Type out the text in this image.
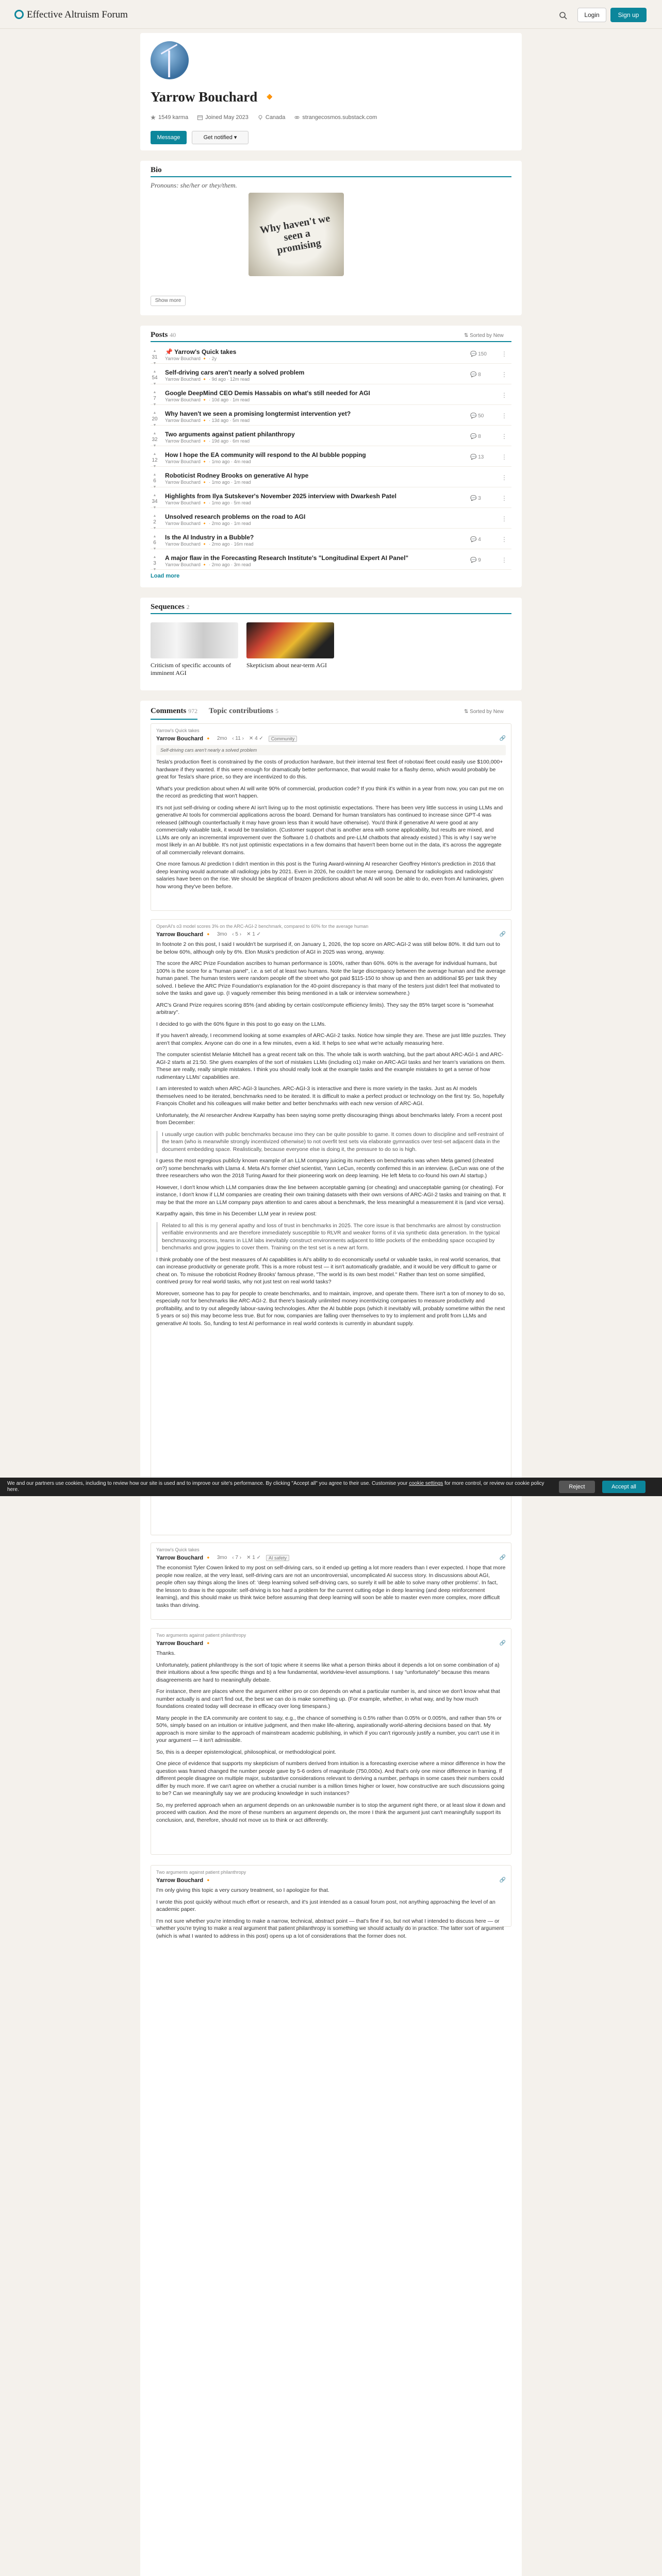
Effective Altruism Forum	Login	Sign up
Yarrow Bouchard 🔸
1549 karma	Joined May 2023	Canada	strangecosmos.substack.com
Message	Get notified ▾
Bio
Pronouns: she/her or they/them.
Why haven't we seen a promising
Show more
Posts 40	⇅ Sorted by New
▲
31
▼
📌 Yarrow's Quick takes
Yarrow Bouchard 🔸 · 2y
💬 150 ⋮
▲
54
▼
Self-driving cars aren't nearly a solved problem
Yarrow Bouchard 🔸 · 9d ago · 12m read
💬 8	⋮
▲
7
▼
Google DeepMind CEO Demis Hassabis on what's still needed for AGI
Yarrow Bouchard 🔸 · 10d ago · 1m read
⋮
▲
20
▼
Why haven't we seen a promising longtermist intervention yet?
Yarrow Bouchard 🔸 · 13d ago · 5m read
💬 50	⋮
▲
32
▼
Two arguments against patient philanthropy
Yarrow Bouchard 🔸 · 19d ago · 6m read
💬 8	⋮
▲
12
▼
How I hope the EA community will respond to the AI bubble popping
Yarrow Bouchard 🔸 · 1mo ago · 4m read
💬 13	⋮
▲
6
▼
Roboticist Rodney Brooks on generative AI hype
Yarrow Bouchard 🔸 · 1mo ago · 1m read
⋮
▲
34
▼
Highlights from Ilya Sutskever's November 2025 interview with Dwarkesh Patel
Yarrow Bouchard 🔸 · 1mo ago · 5m read
💬 3	⋮
▲
2
▼
Unsolved research problems on the road to AGI
Yarrow Bouchard 🔸 · 2mo ago · 1m read
⋮
▲
6
▼
Is the AI Industry in a Bubble?
Yarrow Bouchard 🔸 · 2mo ago · 16m read
💬 4	⋮
▲
3
▼
A major flaw in the Forecasting Research Institute's "Longitudinal Expert AI Panel"
Yarrow Bouchard 🔸 · 2mo ago · 3m read
💬 9	⋮
Load more
Sequences 2
Criticism of specific accounts of imminent AGI
Skepticism about near-term AGI
Comments 972 Topic contributions 5	⇅ Sorted by New
Yarrow's Quick takes
Yarrow Bouchard 🔸 2mo ‹ 11 › ✕ 4 ✓	Community	🔗
Self-driving cars aren't nearly a solved problem

Tesla's production fleet is constrained by the costs of production hardware, but their internal test fleet of robotaxi fleet could easily use $100,000+ hardware if they wanted. If this were enough for dramatically better performance, that would make for a flashy demo, which would probably be great for Tesla's share price, so they are incentivized to do this.

What's your prediction about when AI will write 90% of commercial, production code? If you think it's within in a year from now, you can put me on the record as predicting that won't happen.

It's not just self-driving or coding where AI isn't living up to the most optimistic expectations. There has been very little success in using LLMs and generative AI tools for commercial applications across the board. Demand for human translators has continued to increase since GPT-4 was released (although counterfactually it may have grown less than it would have otherwise). You'd think if generative AI were good at any commercially valuable task, it would be translation. (Customer support chat is another area with some applicability, but results are mixed, and LLMs are only an incremental improvement over the Software 1.0 chatbots and pre-LLM chatbots that already existed.) This is why I say we're most likely in an AI bubble. It's not just optimistic expectations in a few domains that haven't been borne out in the data, it's across the aggregate of all commercially relevant domains.

One more famous AI prediction I didn't mention in this post is the Turing Award-winning AI researcher Geoffrey Hinton's prediction in 2016 that deep learning would automate all radiology jobs by 2021. Even in 2026, he couldn't be more wrong. Demand for radiologists and radiologists' salaries have been on the rise. We should be skeptical of brazen predictions about what AI will soon be able to do, even from AI luminaries, given how wrong they've been before.

OpenAI's o3 model scores 3% on the ARC-AGI-2 benchmark, compared to 60% for the average human
Yarrow Bouchard 🔸 3mo ‹ 5 › ✕ 1 ✓	🔗

In footnote 2 on this post, I said I wouldn't be surprised if, on January 1, 2026, the top score on ARC-AGI-2 was still below 80%. It did turn out to be below 60%, although only by 6%. Elon Musk's prediction of AGI in 2025 was wrong, anyway.

The score the ARC Prize Foundation ascribes to human performance is 100%, rather than 60%. 60% is the average for individual humans, but 100% is the score for a "human panel", i.e. a set of at least two humans. Note the large discrepancy between the average human and the average human panel. The human testers were random people off the street who got paid $115-150 to show up and then an additional $5 per task they solved. I believe the ARC Prize Foundation's explanation for the 40-point discrepancy is that many of the testers just didn't feel that motivated to solve the tasks and gave up. (I vaguely remember this being mentioned in a talk or interview somewhere.)

ARC's Grand Prize requires scoring 85% (and abiding by certain cost/compute efficiency limits). They say the 85% target score is "somewhat arbitrary".

I decided to go with the 60% figure in this post to go easy on the LLMs.

If you haven't already, I recommend looking at some examples of ARC-AGI-2 tasks. Notice how simple they are. These are just little puzzles. They aren't that complex. Anyone can do one in a few minutes, even a kid. It helps to see what we're actually measuring here.

The computer scientist Melanie Mitchell has a great recent talk on this. The whole talk is worth watching, but the part about ARC-AGI-1 and ARC-AGI-2 starts at 21:50. She gives examples of the sort of mistakes LLMs (including o1) make on ARC-AGI tasks and her team's variations on them. These are really, really simple mistakes. I think you should really look at the example tasks and the example mistakes to get a sense of how rudimentary LLMs' capabilities are.

I am interested to watch when ARC-AGI-3 launches. ARC-AGI-3 is interactive and there is more variety in the tasks. Just as AI models themselves need to be iterated, benchmarks need to be iterated. It is difficult to make a perfect product or technology on the first try. So, hopefully François Chollet and his colleagues will make better and better benchmarks with each new version of ARC-AGI.

Unfortunately, the AI researcher Andrew Karpathy has been saying some pretty discouraging things about benchmarks lately. From a recent post from December:

I usually urge caution with public benchmarks because imo they can be quite possible to game. It comes down to discipline and self-restraint of the team (who is meanwhile strongly incentivized otherwise) to not overfit test sets via elaborate gymnastics over test-set adjacent data in the document embedding space. Realistically, because everyone else is doing it, the pressure to do so is high.

I guess the most egregious publicly known example of an LLM company juicing its numbers on benchmarks was when Meta gamed (cheated on?) some benchmarks with Llama 4. Meta AI's former chief scientist, Yann LeCun, recently confirmed this in an interview. (LeCun was one of the three researchers who won the 2018 Turing Award for their pioneering work on deep learning. He left Meta to co-found his own AI startup.)

However, I don't know which LLM companies draw the line between acceptable gaming (or cheating) and unacceptable gaming (or cheating). For instance, I don't know if LLM companies are creating their own training datasets with their own versions of ARC-AGI-2 tasks and training on that. It may be that the more an LLM company pays attention to and cares about a benchmark, the less meaningful a measurement it is (and vice versa).

Karpathy again, this time in his December LLM year in review post:

Related to all this is my general apathy and loss of trust in benchmarks in 2025. The core issue is that benchmarks are almost by construction verifiable environments and are therefore immediately susceptible to RLVR and weaker forms of it via synthetic data generation. In the typical benchmaxxing process, teams in LLM labs inevitably construct environments adjacent to little pockets of the embedding space occupied by benchmarks and grow jaggies to cover them. Training on the test set is a new art form.

I think probably one of the best measures of AI capabilities is AI's ability to do economically useful or valuable tasks, in real world scenarios, that can increase productivity or generate profit. This is a more robust test — it isn't automatically gradable, and it would be very difficult to game or cheat on. To misuse the roboticist Rodney Brooks' famous phrase, "The world is its own best model." Rather than test on some simplified, contrived proxy for real world tasks, why not just test on real world tasks?

Moreover, someone has to pay for people to create benchmarks, and to maintain, improve, and operate them. There isn't a ton of money to do so, especially not for benchmarks like ARC-AGI-2. But there's basically unlimited money incentivizing companies to measure productivity and profitability, and to try out allegedly labour-saving technologies. After the AI bubble pops (which it inevitably will, probably sometime within the next 5 years or so) this may become less true. But for now, companies are falling over themselves to try to implement and profit from LLMs and generative AI tools. So, funding to test AI performance in real world contexts is currently in abundant supply.

Yarrow's Quick takes
Yarrow Bouchard 🔸 3mo ‹ 7 › ✕ 1 ✓	AI safety	🔗

The economist Tyler Cowen linked to my post on self-driving cars, so it ended up getting a lot more readers than I ever expected. I hope that more people now realize, at the very least, self-driving cars are not an uncontroversial, uncomplicated AI success story. In discussions about AGI, people often say things along the lines of: 'deep learning solved self-driving cars, so surely it will be able to solve many other problems'. In fact, the lesson to draw is the opposite: self-driving is too hard a problem for the current cutting edge in deep learning (and deep reinforcement learning), and this should make us think twice before assuming that deep learning will soon be able to master even more complex, more difficult tasks than driving.

Two arguments against patient philanthropy
Yarrow Bouchard 🔸	🔗

Thanks.

Unfortunately, patient philanthropy is the sort of topic where it seems like what a person thinks about it depends a lot on some combination of a) their intuitions about a few specific things and b) a few fundamental, worldview-level assumptions. I say "unfortunately" because this means disagreements are hard to meaningfully debate.

For instance, there are places where the argument either pro or con depends on what a particular number is, and since we don't know what that number actually is and can't find out, the best we can do is make something up. (For example, whether, in what way, and by how much foundations created today will decrease in efficacy over long timespans.)

Many people in the EA community are content to say, e.g., the chance of something is 0.5% rather than 0.05% or 0.005%, and rather than 5% or 50%, simply based on an intuition or intuitive judgment, and then make life-altering, aspirationally world-altering decisions based on that. My approach is more similar to the approach of mainstream academic publishing, in which if you can't rigorously justify a number, you can't use it in your argument — it isn't admissible.

So, this is a deeper epistemological, philosophical, or methodological point.

One piece of evidence that supports my skepticism of numbers derived from intuition is a forecasting exercise where a minor difference in how the question was framed changed the number people gave by 5-6 orders of magnitude (750,000x). And that's only one minor difference in framing. If different people disagree on multiple major, substantive considerations relevant to deriving a number, perhaps in some cases their numbers could differ by much more. If we can't agree on whether a crucial number is a million times higher or lower, how constructive are such discussions going to be? Can we meaningfully say we are producing knowledge in such instances?

So, my preferred approach when an argument depends on an unknowable number is to stop the argument right there, or at least slow it down and proceed with caution. And the more of these numbers an argument depends on, the more I think the argument just can't meaningfully support its conclusion, and, therefore, should not move us to think or act differently.

Two arguments against patient philanthropy
Yarrow Bouchard 🔸	🔗

I'm only giving this topic a very cursory treatment, so I apologize for that.

I wrote this post quickly without much effort or research, and it's just intended as a casual forum post, not anything approaching the level of an academic paper.

I'm not sure whether you're intending to make a narrow, technical, abstract point — that's fine if so, but not what I intended to discuss here — or whether you're trying to make a real argument that patient philanthropy is something we should actually do in practice. The latter sort of argument (which is what I wanted to address in this post) opens up a lot of considerations that the former does not.

We and our partners use cookies, including to review how our site is used and to improve our site's performance. By clicking "Accept all" you agree to their use. Customise your cookie settings for more control, or review our cookie policy here.	Reject	Accept all
